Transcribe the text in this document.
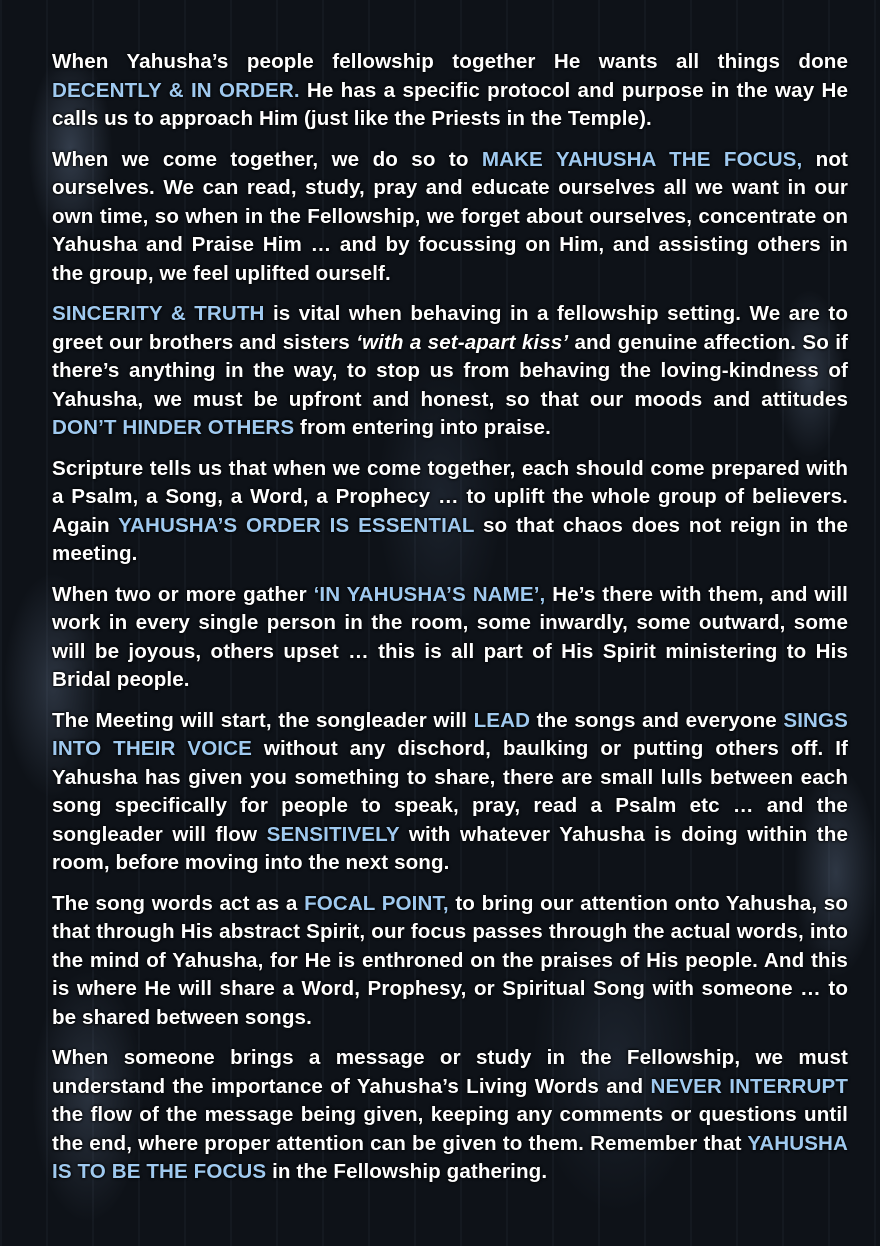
When Yahusha’s people fellowship together He wants all things done DECENTLY & IN ORDER. He has a specific protocol and purpose in the way He calls us to approach Him (just like the Priests in the Temple).

When we come together, we do so to MAKE YAHUSHA THE FOCUS, not ourselves. We can read, study, pray and educate ourselves all we want in our own time, so when in the Fellowship, we forget about ourselves, concentrate on Yahusha and Praise Him … and by focussing on Him, and assisting others in the group, we feel uplifted ourself.

SINCERITY & TRUTH is vital when behaving in a fellowship setting. We are to greet our brothers and sisters ‘with a set-apart kiss’ and genuine affection. So if there’s anything in the way, to stop us from behaving the loving-kindness of Yahusha, we must be upfront and honest, so that our moods and attitudes DON’T HINDER OTHERS from entering into praise.

Scripture tells us that when we come together, each should come prepared with a Psalm, a Song, a Word, a Prophecy … to uplift the whole group of believers. Again YAHUSHA’S ORDER IS ESSENTIAL so that chaos does not reign in the meeting.

When two or more gather ‘IN YAHUSHA’S NAME’, He’s there with them, and will work in every single person in the room, some inwardly, some outward, some will be joyous, others upset … this is all part of His Spirit ministering to His Bridal people.

The Meeting will start, the songleader will LEAD the songs and everyone SINGS INTO THEIR VOICE without any dischord, baulking or putting others off. If Yahusha has given you something to share, there are small lulls between each song specifically for people to speak, pray, read a Psalm etc … and the songleader will flow SENSITIVELY with whatever Yahusha is doing within the room, before moving into the next song.

The song words act as a FOCAL POINT, to bring our attention onto Yahusha, so that through His abstract Spirit, our focus passes through the actual words, into the mind of Yahusha, for He is enthroned on the praises of His people. And this is where He will share a Word, Prophesy, or Spiritual Song with someone … to be shared between songs.

When someone brings a message or study in the Fellowship, we must understand the importance of Yahusha’s Living Words and NEVER INTERRUPT the flow of the message being given, keeping any comments or questions until the end, where proper attention can be given to them. Remember that YAHUSHA IS TO BE THE FOCUS in the Fellowship gathering.
